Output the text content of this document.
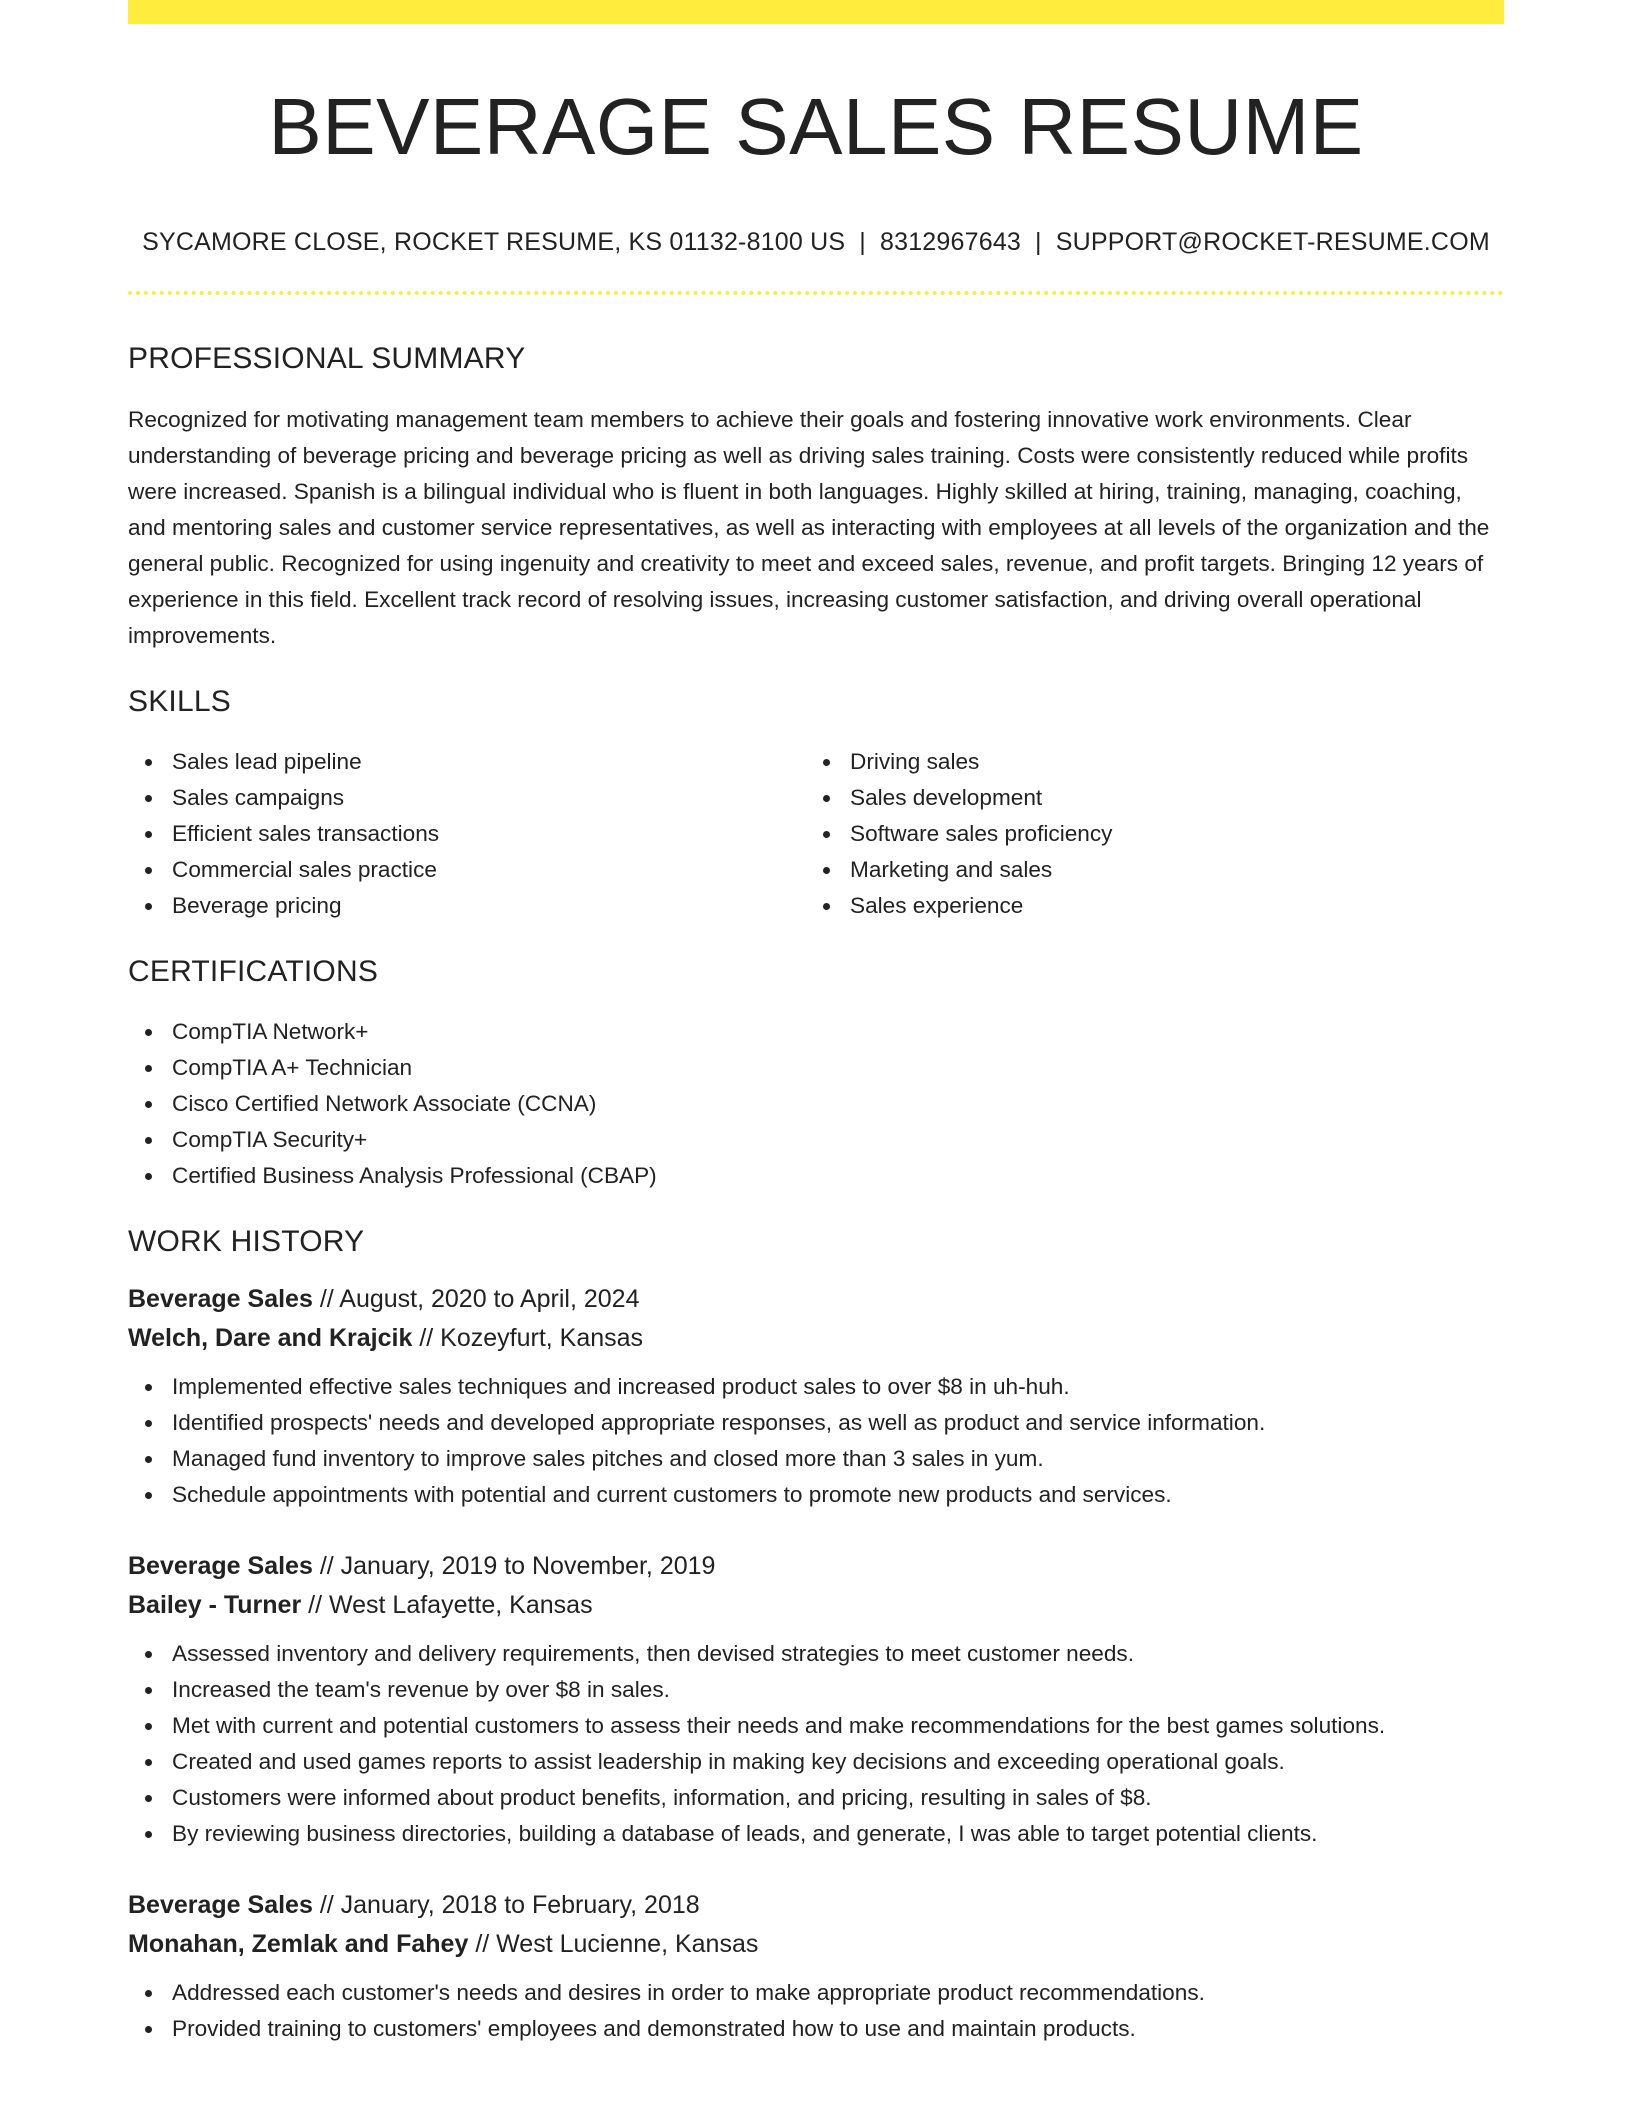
BEVERAGE SALES RESUME
SYCAMORE CLOSE, ROCKET RESUME, KS 01132-8100 US | 8312967643 | SUPPORT@ROCKET-RESUME.COM
PROFESSIONAL SUMMARY

Recognized for motivating management team members to achieve their goals and fostering innovative work environments. Clear understanding of beverage pricing and beverage pricing as well as driving sales training. Costs were consistently reduced while profits were increased. Spanish is a bilingual individual who is fluent in both languages. Highly skilled at hiring, training, managing, coaching, and mentoring sales and customer service representatives, as well as interacting with employees at all levels of the organization and the general public. Recognized for using ingenuity and creativity to meet and exceed sales, revenue, and profit targets. Bringing 12 years of experience in this field. Excellent track record of resolving issues, increasing customer satisfaction, and driving overall operational improvements.

SKILLS
Sales lead pipeline
Sales campaigns
Efficient sales transactions
Commercial sales practice
Beverage pricing
Driving sales
Sales development
Software sales proficiency
Marketing and sales
Sales experience
CERTIFICATIONS
CompTIA Network+
CompTIA A+ Technician
Cisco Certified Network Associate (CCNA)
CompTIA Security+
Certified Business Analysis Professional (CBAP)
WORK HISTORY
Beverage Sales // August, 2020 to April, 2024
Welch, Dare and Krajcik // Kozeyfurt, Kansas
Implemented effective sales techniques and increased product sales to over $8 in uh-huh.
Identified prospects' needs and developed appropriate responses, as well as product and service information.
Managed fund inventory to improve sales pitches and closed more than 3 sales in yum.
Schedule appointments with potential and current customers to promote new products and services.
Beverage Sales // January, 2019 to November, 2019
Bailey - Turner // West Lafayette, Kansas
Assessed inventory and delivery requirements, then devised strategies to meet customer needs.
Increased the team's revenue by over $8 in sales.
Met with current and potential customers to assess their needs and make recommendations for the best games solutions.
Created and used games reports to assist leadership in making key decisions and exceeding operational goals.
Customers were informed about product benefits, information, and pricing, resulting in sales of $8.
By reviewing business directories, building a database of leads, and generate, I was able to target potential clients.
Beverage Sales // January, 2018 to February, 2018
Monahan, Zemlak and Fahey // West Lucienne, Kansas
Addressed each customer's needs and desires in order to make appropriate product recommendations.
Provided training to customers' employees and demonstrated how to use and maintain products.
